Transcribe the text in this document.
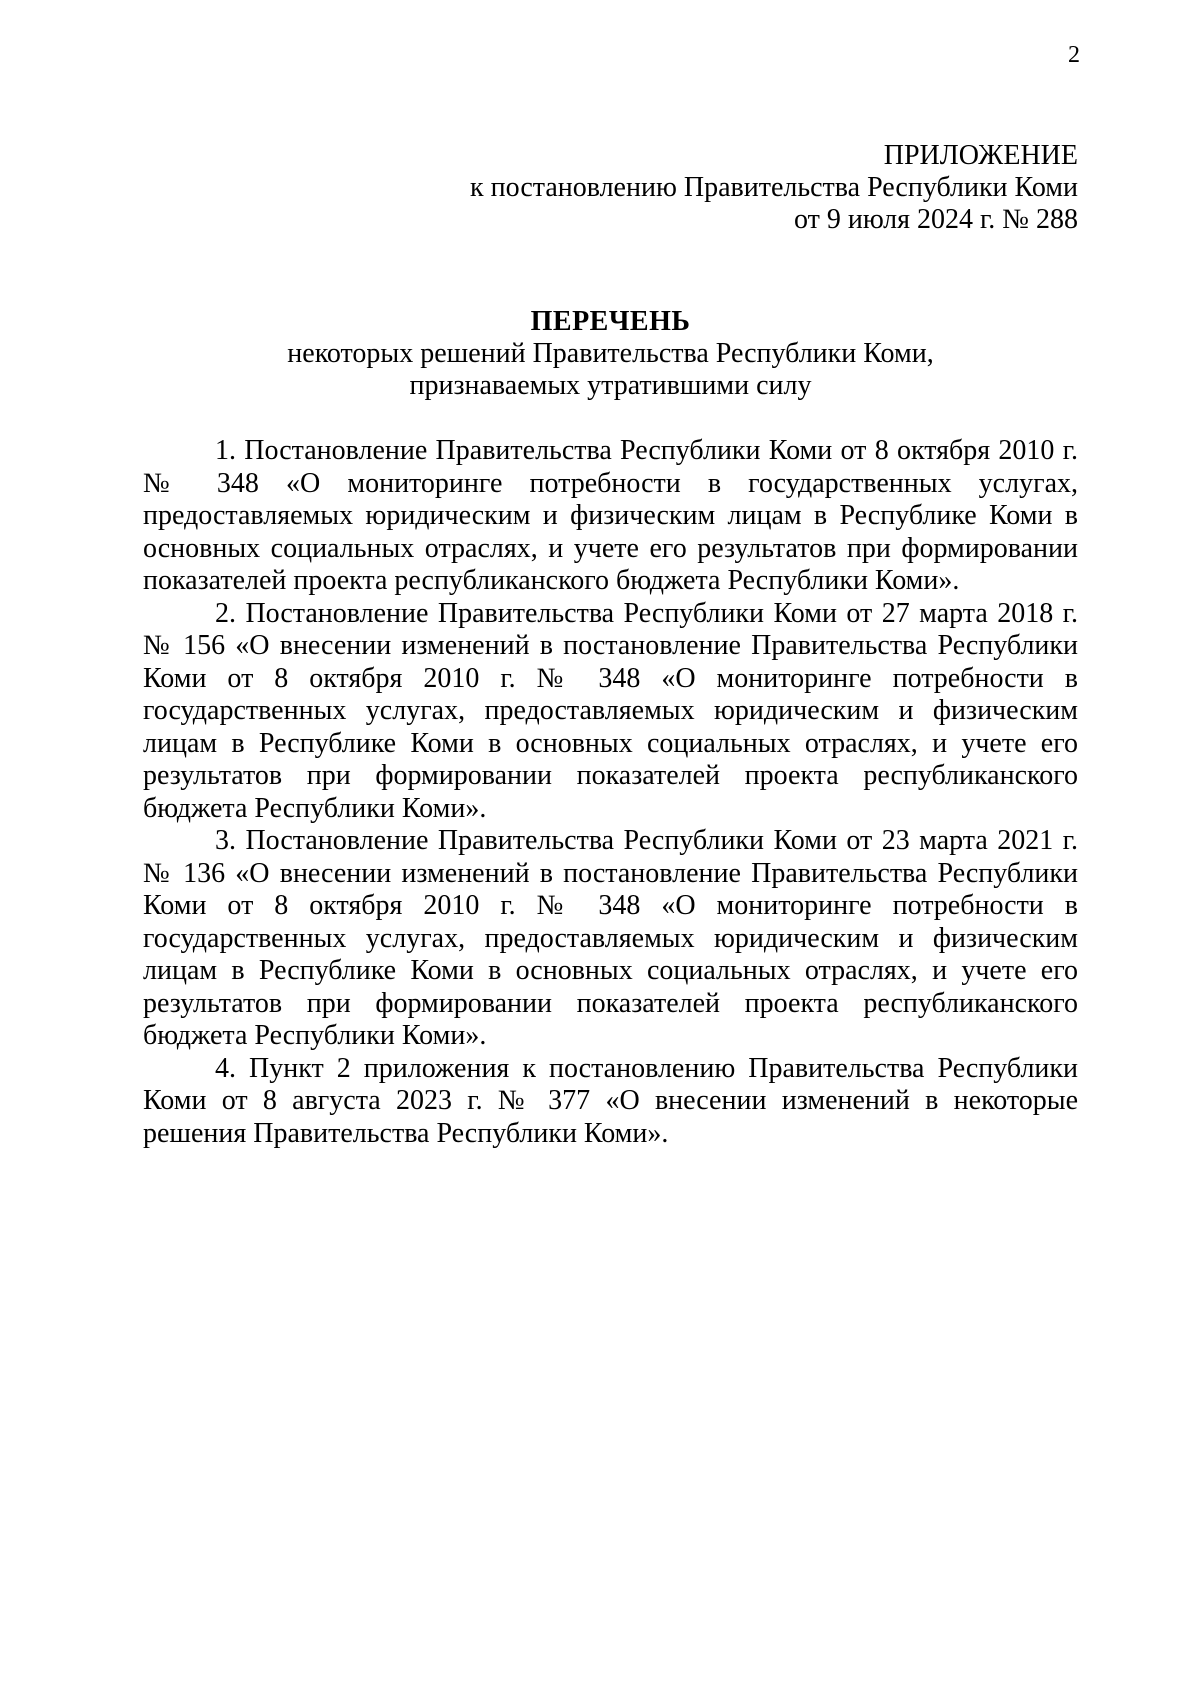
2
ПРИЛОЖЕНИЕ
к постановлению Правительства Республики Коми
от 9 июля 2024 г. № 288
ПЕРЕЧЕНЬ
некоторых решений Правительства Республики Коми,
признаваемых утратившими силу

1. Постановление Правительства Республики Коми от 8 октября 2010 г. № 348 «О мониторинге потребности в государственных услугах, предоставляемых юридическим и физическим лицам в Республике Коми в основных социальных отраслях, и учете его результатов при формировании показателей проекта республиканского бюджета Республики Коми».

2. Постановление Правительства Республики Коми от 27 марта 2018 г. № 156 «О внесении изменений в постановление Правительства Республики Коми от 8 октября 2010 г. № 348 «О мониторинге потребности в государственных услугах, предоставляемых юридическим и физическим лицам в Республике Коми в основных социальных отраслях, и учете его результатов при формировании показателей проекта республиканского бюджета Республики Коми».

3. Постановление Правительства Республики Коми от 23 марта 2021 г. № 136 «О внесении изменений в постановление Правительства Республики Коми от 8 октября 2010 г. № 348 «О мониторинге потребности в государственных услугах, предоставляемых юридическим и физическим лицам в Республике Коми в основных социальных отраслях, и учете его результатов при формировании показателей проекта республиканского бюджета Республики Коми».

4. Пункт 2 приложения к постановлению Правительства Республики Коми от 8 августа 2023 г. № 377 «О внесении изменений в некоторые решения Правительства Республики Коми».
